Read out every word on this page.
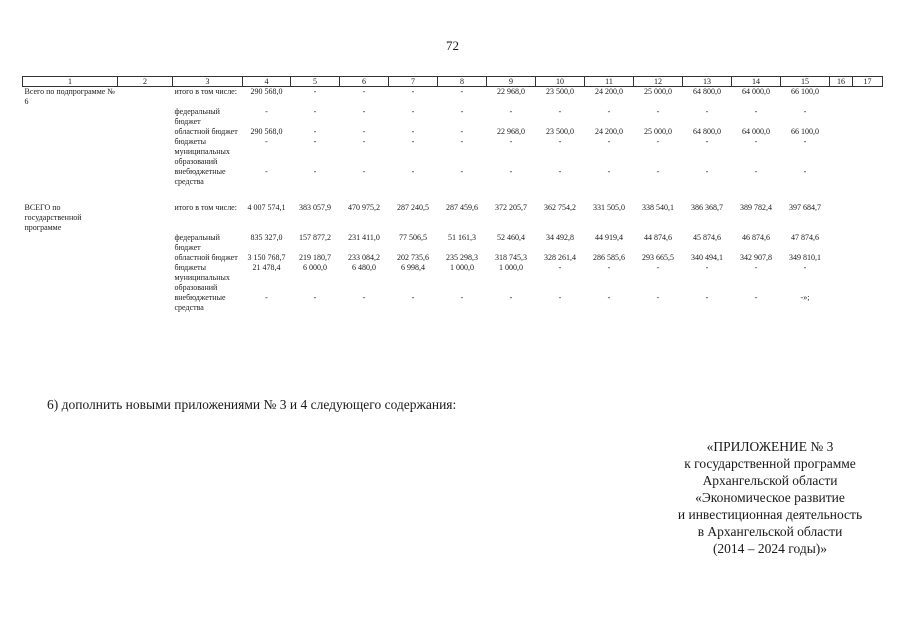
72
1	2	3	4	5	6	7	8	9	10	11	12	13	14	15	16	17
Всего по подпрограмме № 6		итого в том числе:	290 568,0	-	-	-	-	22 968,0	23 500,0	24 200,0	25 000,0	64 800,0	64 000,0	66 100,0		
		федеральный бюджет	-	-	-	-	-	-	-	-	-	-	-	-		
		областной бюджет	290 568,0	-	-	-	-	22 968,0	23 500,0	24 200,0	25 000,0	64 800,0	64 000,0	66 100,0		
		бюджеты муниципальных образований	-	-	-	-	-	-	-	-	-	-	-	-		
		внебюджетные средства	-	-	-	-	-	-	-	-	-	-	-	-		

ВСЕГО по государственной программе		итого в том числе:	4 007 574,1	383 057,9	470 975,2	287 240,5	287 459,6	372 205,7	362 754,2	331 505,0	338 540,1	386 368,7	389 782,4	397 684,7		
		федеральный бюджет	835 327,0	157 877,2	231 411,0	77 506,5	51 161,3	52 460,4	34 492,8	44 919,4	44 874,6	45 874,6	46 874,6	47 874,6		
		областной бюджет	3 150 768,7	219 180,7	233 084,2	202 735,6	235 298,3	318 745,3	328 261,4	286 585,6	293 665,5	340 494,1	342 907,8	349 810,1		
		бюджеты муниципальных образований	21 478,4	6 000,0	6 480,0	6 998,4	1 000,0	1 000,0	-	-	-	-	-	-		
		внебюджетные средства	-	-	-	-	-	-	-	-	-	-	-	-»;		
6) дополнить новыми приложениями № 3 и 4 следующего содержания:
«ПРИЛОЖЕНИЕ № 3
к государственной программе
Архангельской области
«Экономическое развитие
и инвестиционная деятельность
в Архангельской области
(2014 – 2024 годы)»
